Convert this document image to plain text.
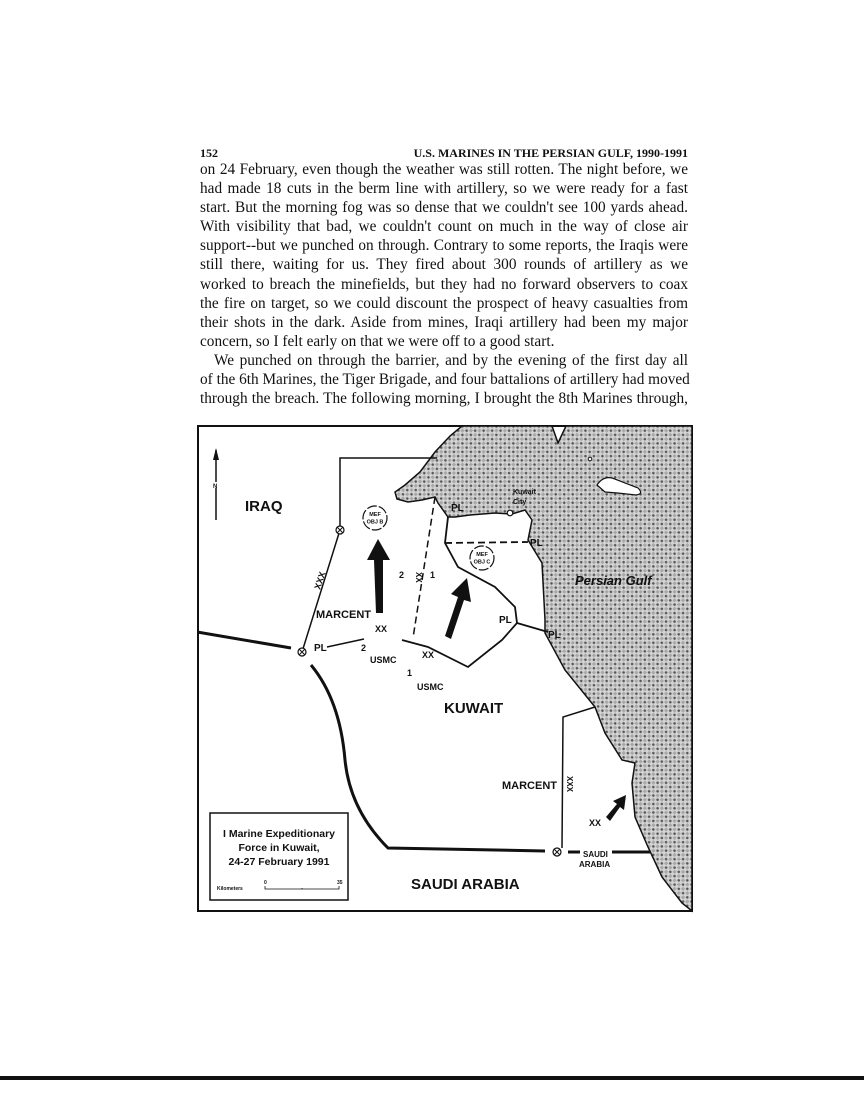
152	U.S. MARINES IN THE PERSIAN GULF, 1990-1991
on 24 February, even though the weather was still rotten. The night before, we
had made 18 cuts in the berm line with artillery, so we were ready for a fast
start. But the morning fog was so dense that we couldn't see 100 yards ahead.
With visibility that bad, we couldn't count on much in the way of close air
support--but we punched on through. Contrary to some reports, the Iraqis were
still there, waiting for us. They fired about 300 rounds of artillery as we
worked to breach the minefields, but they had no forward observers to coax
the fire on target, so we could discount the prospect of heavy casualties from
their shots in the dark. Aside from mines, Iraqi artillery had been my major
concern, so I felt early on that we were off to a good start.
We punched on through the barrier, and by the evening of the first day all
of the 6th Marines, the Tiger Brigade, and four battalions of artillery had moved
through the breach. The following morning, I brought the 8th Marines through,
N
MEF
OBJ B
MEF
OBJ C
Kuwait
City
IRAQ
KUWAIT
SAUDI ARABIA
Persian Gulf
MARCENT
MARCENT
XXX
XXX
XX
2	1
XX
2
USMC	XX
1
USMC
XX
SAUDI
ARABIA
PL
PL
PL
PL
PL
I Marine Expeditionary
Force in Kuwait,
24-27 February 1991
Kilometers
0	35
